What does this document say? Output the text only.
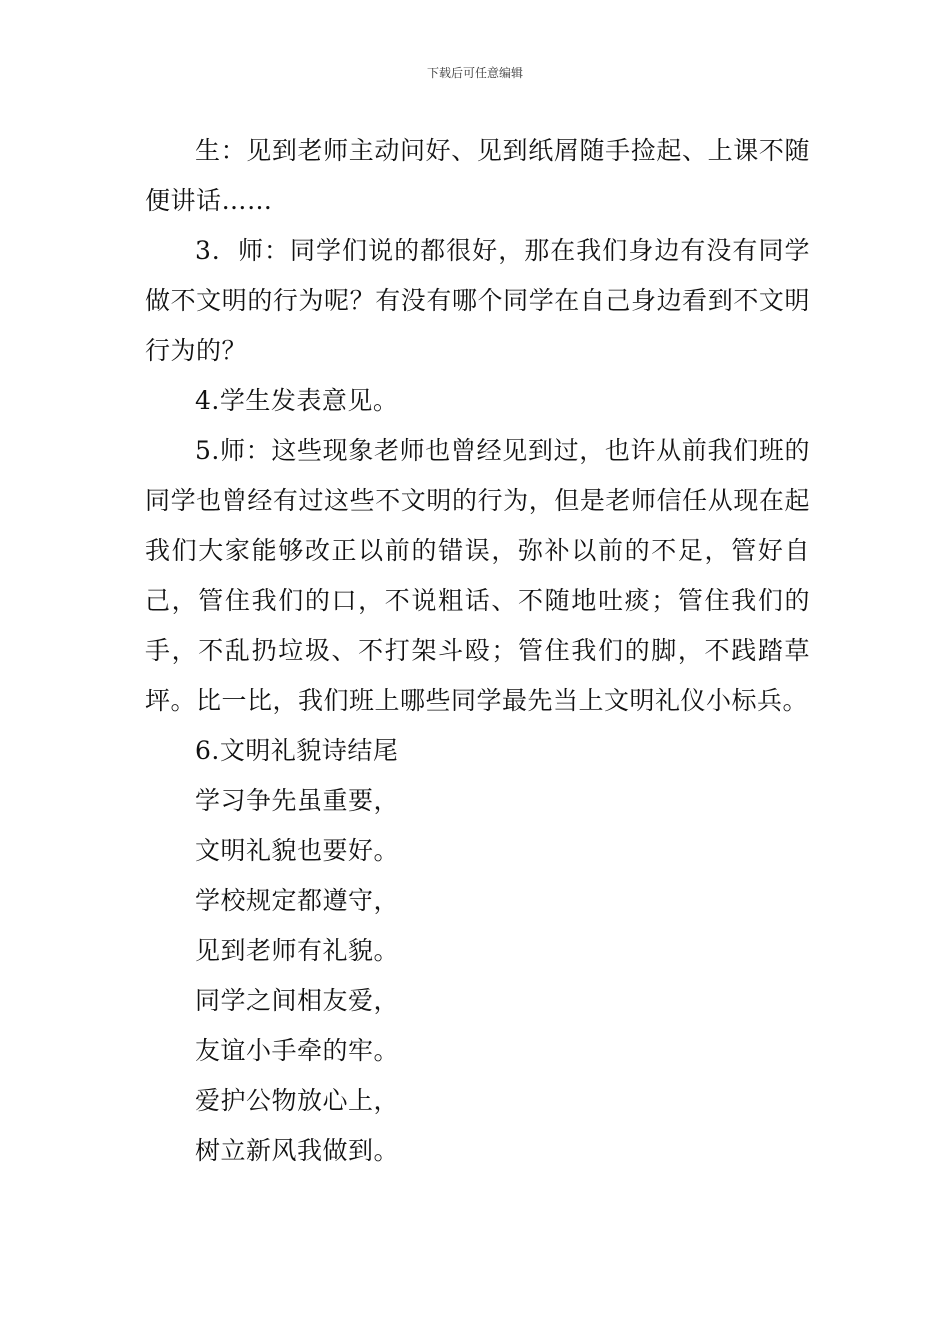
下载后可任意编辑

生：见到老师主动问好、见到纸屑随手捡起、上课不随便讲话……

3．师：同学们说的都很好，那在我们身边有没有同学做不文明的行为呢？有没有哪个同学在自己身边看到不文明行为的？

4.学生发表意见。

5.师：这些现象老师也曾经见到过，也许从前我们班的同学也曾经有过这些不文明的行为，但是老师信任从现在起我们大家能够改正以前的错误，弥补以前的不足，管好自己，管住我们的口，不说粗话、不随地吐痰；管住我们的手，不乱扔垃圾、不打架斗殴；管住我们的脚，不践踏草坪。比一比，我们班上哪些同学最先当上文明礼仪小标兵。

6.文明礼貌诗结尾

学习争先虽重要，

文明礼貌也要好。

学校规定都遵守，

见到老师有礼貌。

同学之间相友爱，

友谊小手牵的牢。

爱护公物放心上，

树立新风我做到。
